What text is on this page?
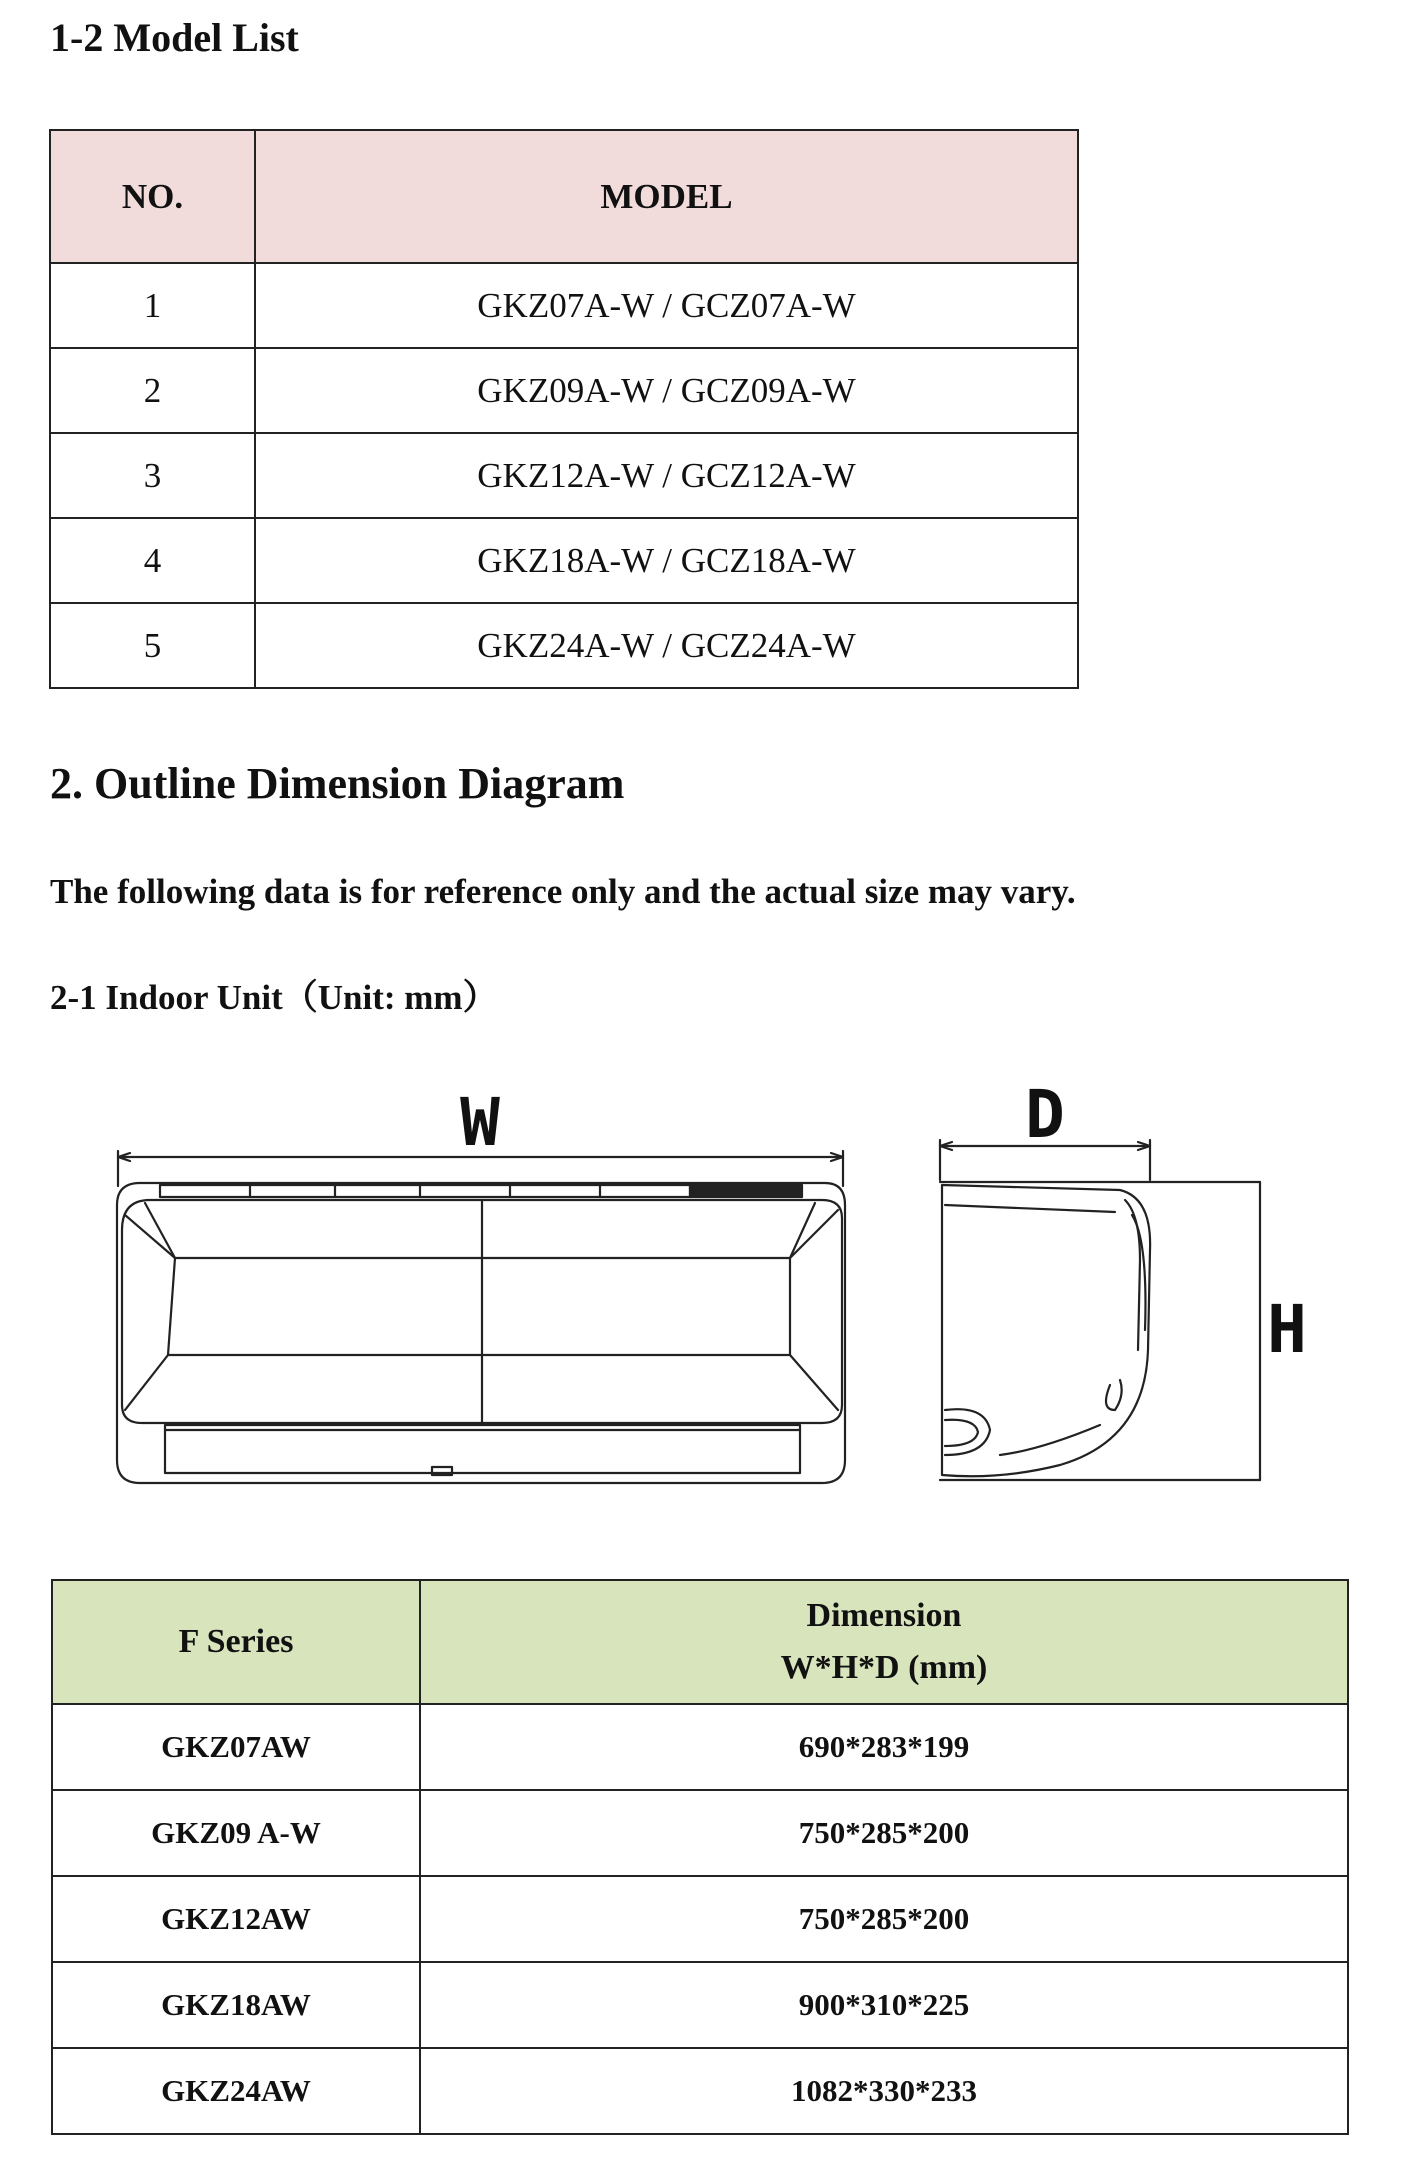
1-2 Model List
NO.	MODEL
1	GKZ07A-W / GCZ07A-W
2	GKZ09A-W / GCZ09A-W
3	GKZ12A-W / GCZ12A-W
4	GKZ18A-W / GCZ18A-W
5	GKZ24A-W / GCZ24A-W
2. Outline Dimension Diagram

The following data is for reference only and the actual size may vary.

2-1 Indoor Unit（Unit: mm）
W	D
H
F Series	Dimension
W*H*D (mm)

GKZ07AW	690*283*199
GKZ09 A-W	750*285*200
GKZ12AW	750*285*200
GKZ18AW	900*310*225
GKZ24AW	1082*330*233
